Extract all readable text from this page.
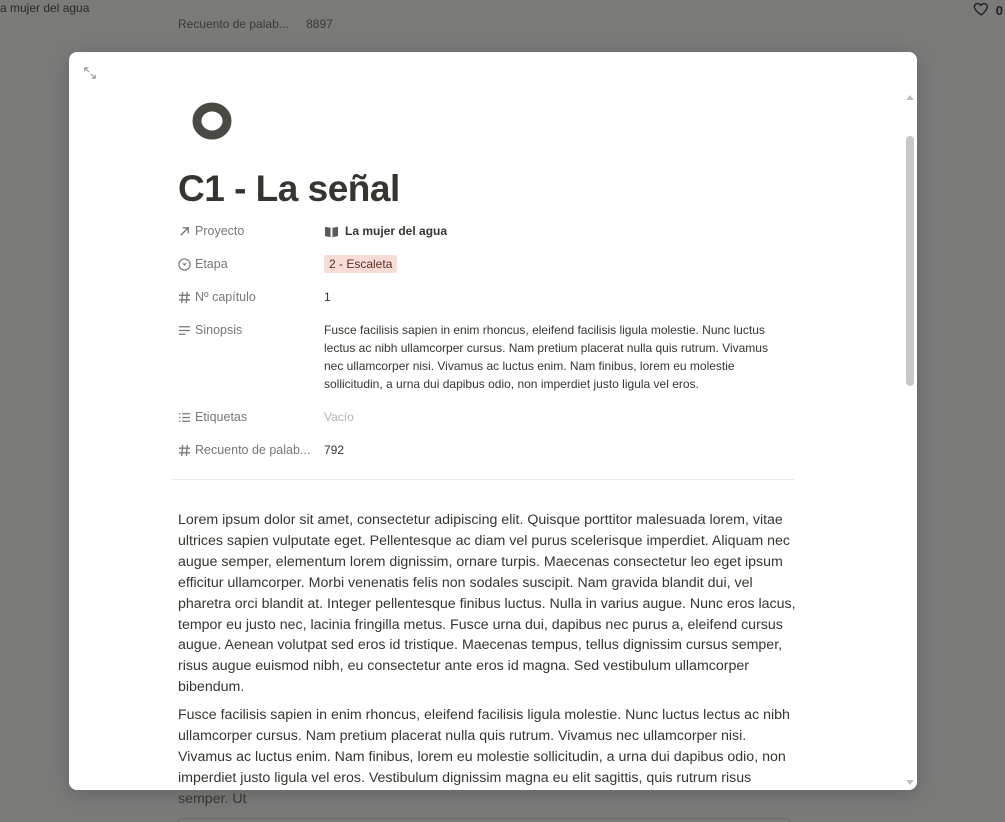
a mujer del agua	0
Recuento de palab... 8897
C1 - La señal
Proyecto	La mujer del agua
Etapa	2 - Escaleta
Nº capítulo	1
Sinopsis	Fusce facilisis sapien in enim rhoncus, eleifend facilisis ligula molestie. Nunc luctus lectus ac nibh ullamcorper cursus. Nam pretium placerat nulla quis rutrum. Vivamus nec ullamcorper nisi. Vivamus ac luctus enim. Nam finibus, lorem eu molestie sollicitudin, a urna dui dapibus odio, non imperdiet justo ligula vel eros.
Etiquetas	Vacío
Recuento de palab... 792

Lorem ipsum dolor sit amet, consectetur adipiscing elit. Quisque porttitor malesuada lorem, vitae ultrices sapien vulputate eget. Pellentesque ac diam vel purus scelerisque imperdiet. Aliquam nec augue semper, elementum lorem dignissim, ornare turpis. Maecenas consectetur leo eget ipsum efficitur ullamcorper. Morbi venenatis felis non sodales suscipit. Nam gravida blandit dui, vel pharetra orci blandit at. Integer pellentesque finibus luctus. Nulla in varius augue. Nunc eros lacus, tempor eu justo nec, lacinia fringilla metus. Fusce urna dui, dapibus nec purus a, eleifend cursus augue. Aenean volutpat sed eros id tristique. Maecenas tempus, tellus dignissim cursus semper, risus augue euismod nibh, eu consectetur ante eros id magna. Sed vestibulum ullamcorper bibendum.

Fusce facilisis sapien in enim rhoncus, eleifend facilisis ligula molestie. Nunc luctus lectus ac nibh ullamcorper cursus. Nam pretium placerat nulla quis rutrum. Vivamus nec ullamcorper nisi. Vivamus ac luctus enim. Nam finibus, lorem eu molestie sollicitudin, a urna dui dapibus odio, non imperdiet justo ligula vel eros. Vestibulum dignissim magna eu elit sagittis, quis rutrum risus semper. Ut
